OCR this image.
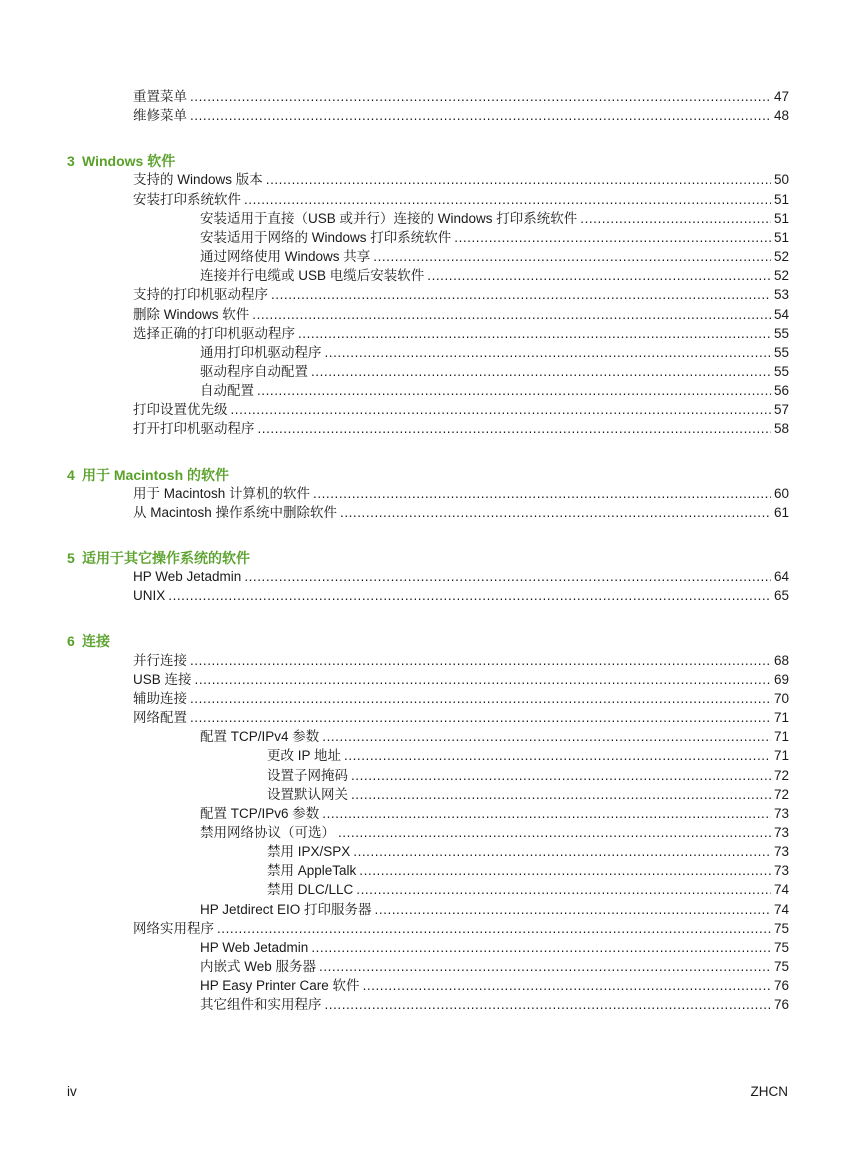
重置菜单 . . .	47
维修菜单 . . .	48
3 Windows 软件
支持的 Windows 版本 . . .	50
安装打印系统软件 . . .	51
安装适用于直接（USB 或并行）连接的 Windows 打印系统软件 . . .	51
安装适用于网络的 Windows 打印系统软件 . . .	51
通过网络使用 Windows 共享 . . .	52
连接并行电缆或 USB 电缆后安装软件 . . .	52
支持的打印机驱动程序 . . .	53
删除 Windows 软件 . . .	54
选择正确的打印机驱动程序 . . .	55
通用打印机驱动程序 . . .	55
驱动程序自动配置 . . .	55
自动配置 . . .	56
打印设置优先级 . . .	57
打开打印机驱动程序 . . .	58
4 用于 Macintosh 的软件
用于 Macintosh 计算机的软件 . . .	60
从 Macintosh 操作系统中删除软件 . . .	61
5 适用于其它操作系统的软件
HP Web Jetadmin . . .	64
UNIX . . .	65
6 连接
并行连接 . . .	68
USB 连接 . . .	69
辅助连接 . . .	70
网络配置 . . .	71
配置 TCP/IPv4 参数 . . .	71
更改 IP 地址 . . .	71
设置子网掩码 . . .	72
设置默认网关 . . .	72
配置 TCP/IPv6 参数 . . .	73
禁用网络协议（可选） . . .	73
禁用 IPX/SPX . . .	73
禁用 AppleTalk . . .	73
禁用 DLC/LLC . . .	74
HP Jetdirect EIO 打印服务器 . . .	74
网络实用程序 . . .	75
HP Web Jetadmin . . .	75
内嵌式 Web 服务器 . . .	75
HP Easy Printer Care 软件 . . .	76
其它组件和实用程序 . . .	76
iv	ZHCN
